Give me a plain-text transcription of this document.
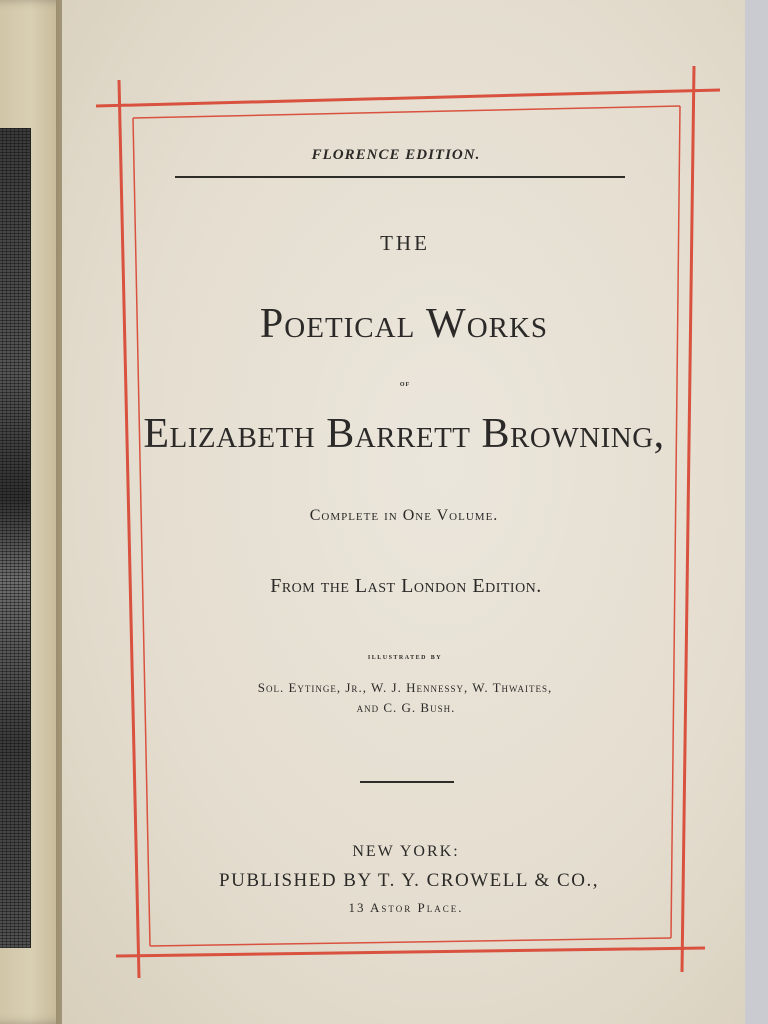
FLORENCE EDITION.
THE
Poetical Works
of
Elizabeth Barrett Browning,
Complete in One Volume.
From the Last London Edition.
illustrated by
Sol. Eytinge, Jr., W. J. Hennessy, W. Thwaites,
and C. G. Bush.
NEW YORK:
PUBLISHED BY T. Y. CROWELL & CO.,
13 Astor Place.
